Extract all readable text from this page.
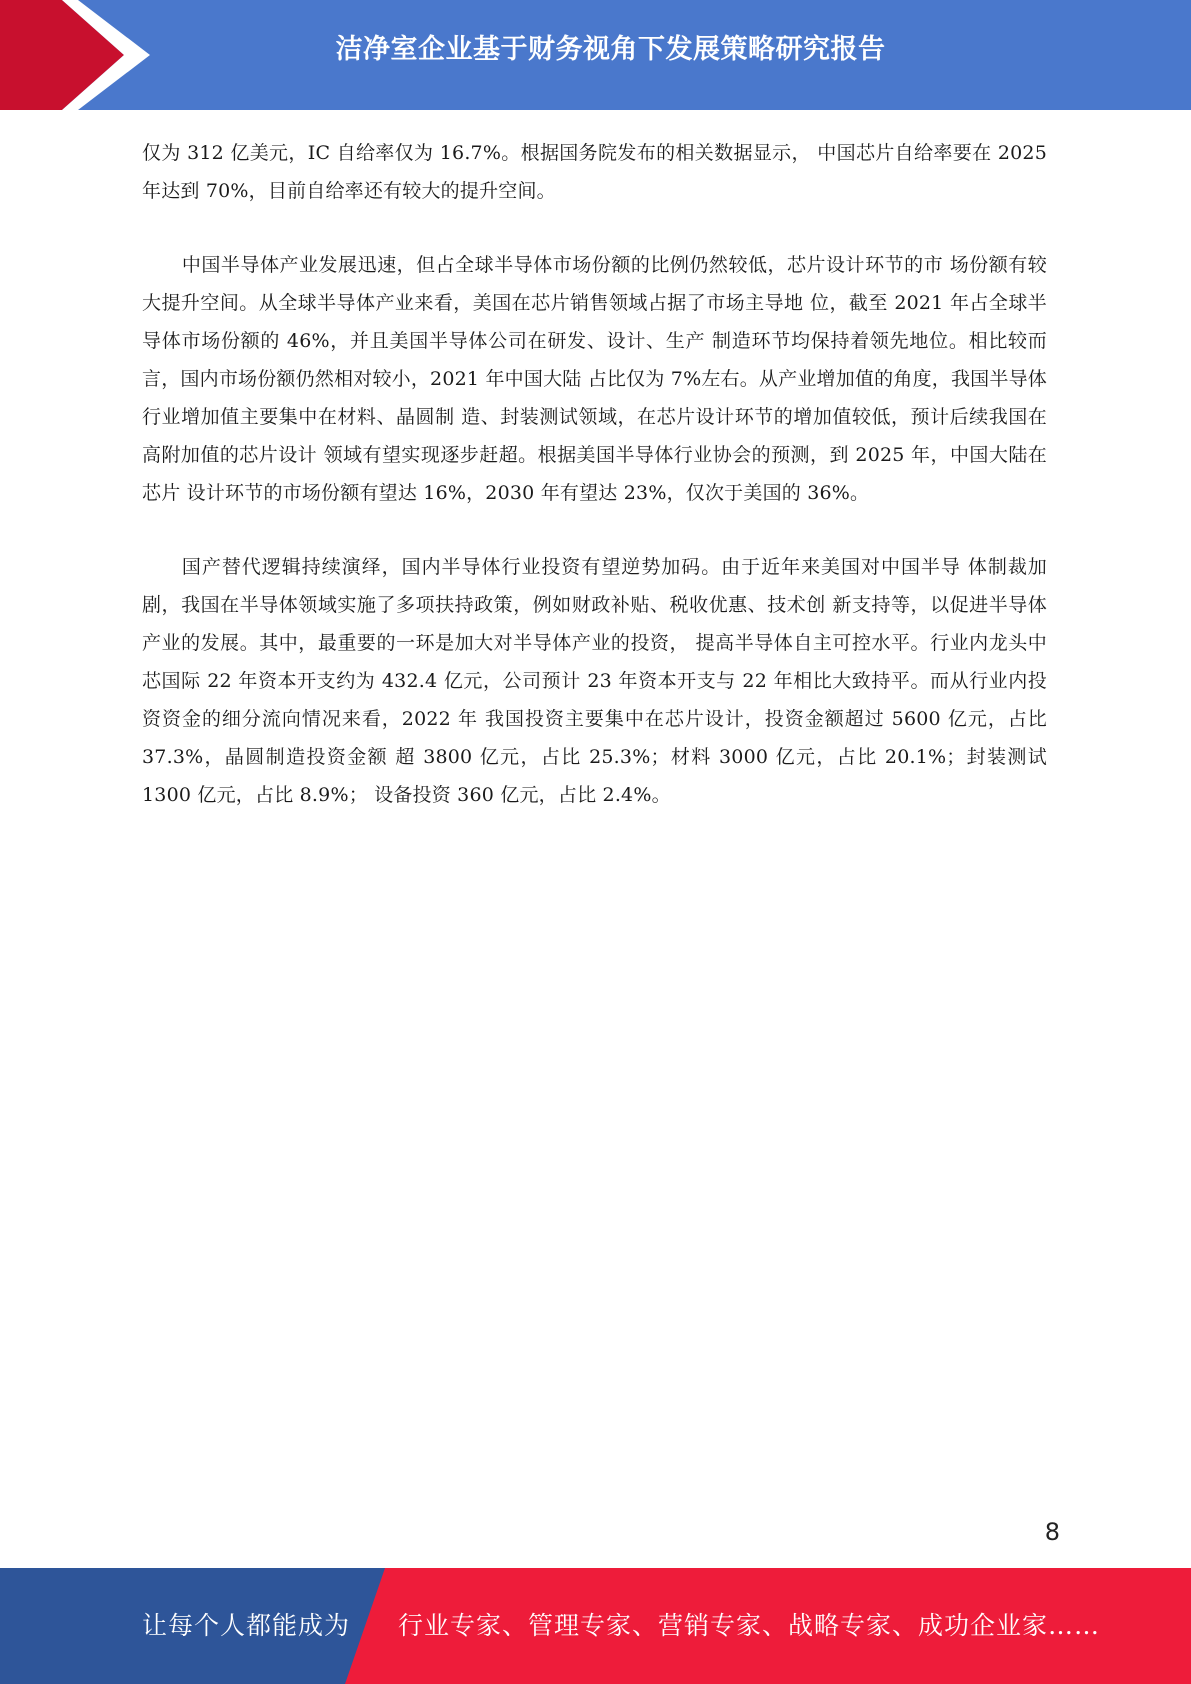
洁净室企业基于财务视角下发展策略研究报告

仅为 312 亿美元，IC 自给率仅为 16.7%。根据国务院发布的相关数据显示， 中国芯片自给率要在 2025 年达到 70%，目前自给率还有较大的提升空间。

中国半导体产业发展迅速，但占全球半导体市场份额的比例仍然较低，芯片设计环节的市 场份额有较大提升空间。从全球半导体产业来看，美国在芯片销售领域占据了市场主导地 位，截至 2021 年占全球半导体市场份额的 46%，并且美国半导体公司在研发、设计、生产 制造环节均保持着领先地位。相比较而言，国内市场份额仍然相对较小，2021 年中国大陆 占比仅为 7%左右。从产业增加值的角度，我国半导体行业增加值主要集中在材料、晶圆制 造、封装测试领域，在芯片设计环节的增加值较低，预计后续我国在高附加值的芯片设计 领域有望实现逐步赶超。根据美国半导体行业协会的预测，到 2025 年，中国大陆在芯片 设计环节的市场份额有望达 16%，2030 年有望达 23%，仅次于美国的 36%。

国产替代逻辑持续演绎，国内半导体行业投资有望逆势加码。由于近年来美国对中国半导 体制裁加剧，我国在半导体领域实施了多项扶持政策，例如财政补贴、税收优惠、技术创 新支持等，以促进半导体产业的发展。其中，最重要的一环是加大对半导体产业的投资， 提高半导体自主可控水平。行业内龙头中芯国际 22 年资本开支约为 432.4 亿元，公司预计 23 年资本开支与 22 年相比大致持平。而从行业内投资资金的细分流向情况来看，2022 年 我国投资主要集中在芯片设计，投资金额超过 5600 亿元，占比 37.3%，晶圆制造投资金额 超 3800 亿元，占比 25.3%；材料 3000 亿元，占比 20.1%；封装测试 1300 亿元，占比 8.9%； 设备投资 360 亿元，占比 2.4%。

8
让每个人都能成为 行业专家、管理专家、营销专家、战略专家、成功企业家……
